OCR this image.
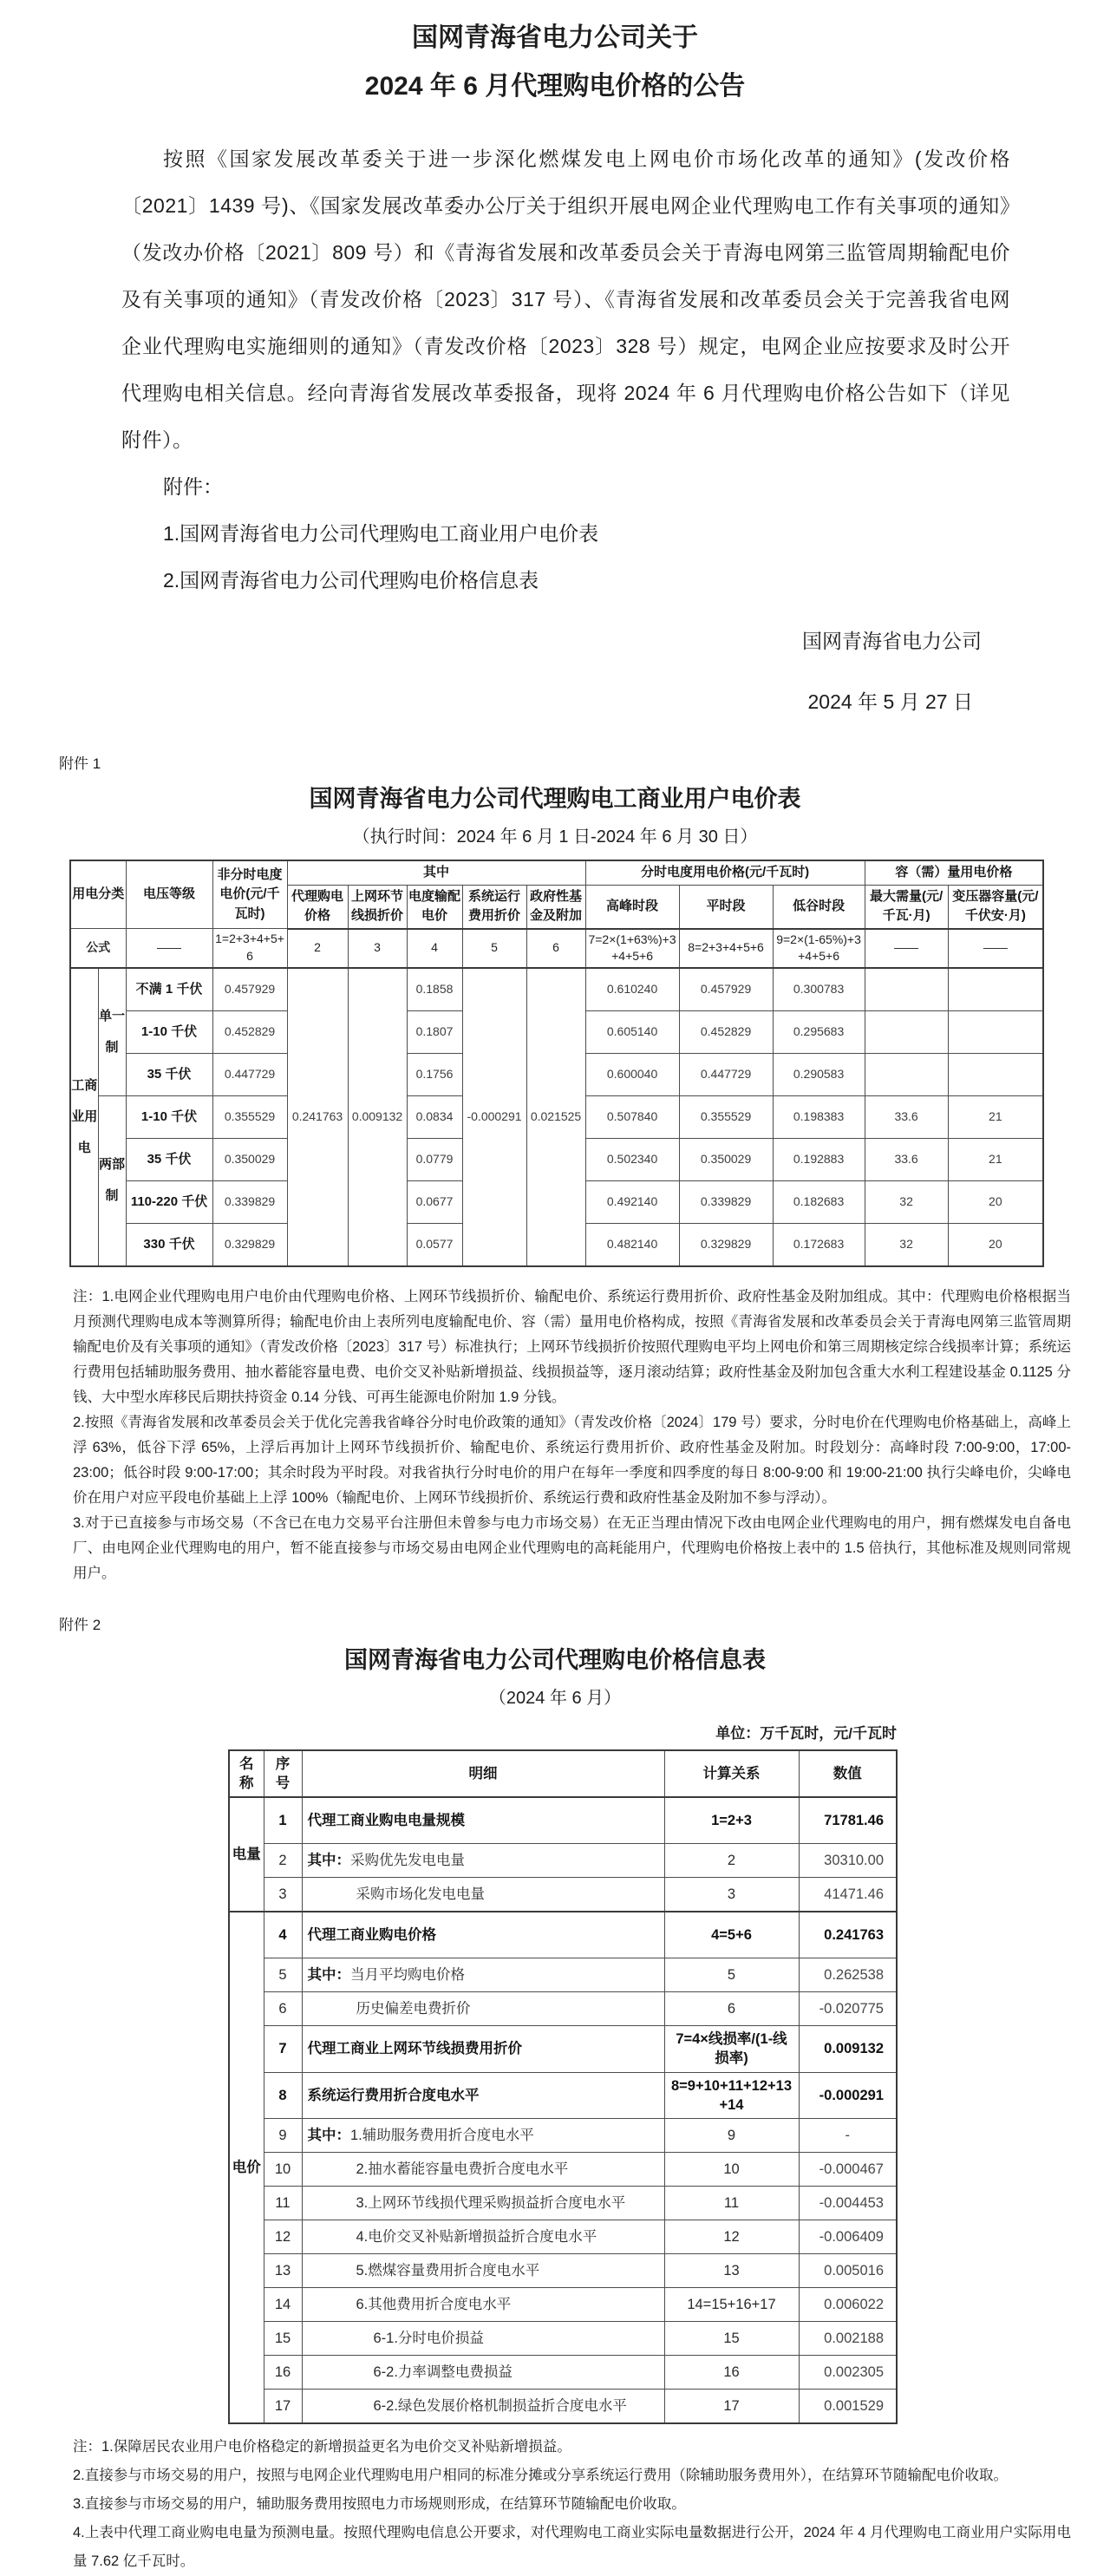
国网青海省电力公司关于
2024 年 6 月代理购电价格的公告
按照《国家发展改革委关于进一步深化燃煤发电上网电价市场化改革的通知》(发改价格〔2021〕1439 号)、《国家发展改革委办公厅关于组织开展电网企业代理购电工作有关事项的通知》（发改办价格〔2021〕809 号）和《青海省发展和改革委员会关于青海电网第三监管周期输配电价及有关事项的通知》（青发改价格〔2023〕317 号）、《青海省发展和改革委员会关于完善我省电网企业代理购电实施细则的通知》（青发改价格〔2023〕328 号）规定，电网企业应按要求及时公开代理购电相关信息。经向青海省发展改革委报备，现将 2024 年 6 月代理购电价格公告如下（详见附件）。
附件：
1.国网青海省电力公司代理购电工商业用户电价表
2.国网青海省电力公司代理购电价格信息表
国网青海省电力公司
2024 年 5 月 27 日
附件 1
国网青海省电力公司代理购电工商业用户电价表
（执行时间：2024 年 6 月 1 日-2024 年 6 月 30 日）
用电分类		电压等级	非分时电度电价(元/千瓦时)	其中					分时电度用电价格(元/千瓦时)			容（需）量用电价格	
				代理购电价格	上网环节线损折价	电度输配电价	系统运行费用折价	政府性基金及附加	高峰时段	平时段	低谷时段	最大需量(元/千瓦·月)	变压器容量(元/千伏安·月)
公式		——	1=2+3+4+5+6	2	3	4	5	6	7=2×(1+63%)+3+4+5+6	8=2+3+4+5+6	9=2×(1-65%)+3+4+5+6	——	——
工商业用电	单一制	不满 1 千伏	0.457929	0.241763	0.009132	0.1858	-0.000291	0.021525	0.610240	0.457929	0.300783		
		1-10 千伏	0.452829			0.1807			0.605140	0.452829	0.295683		
		35 千伏	0.447729			0.1756			0.600040	0.447729	0.290583		
	两部制	1-10 千伏	0.355529			0.0834			0.507840	0.355529	0.198383	33.6	21
		35 千伏	0.350029			0.0779			0.502340	0.350029	0.192883	33.6	21
		110-220 千伏	0.339829			0.0677			0.492140	0.339829	0.182683	32	20
		330 千伏	0.329829			0.0577			0.482140	0.329829	0.172683	32	20
注：1.电网企业代理购电用户电价由代理购电价格、上网环节线损折价、输配电价、系统运行费用折价、政府性基金及附加组成。其中：代理购电价格根据当月预测代理购电成本等测算所得；输配电价由上表所列电度输配电价、容（需）量用电价格构成，按照《青海省发展和改革委员会关于青海电网第三监管周期输配电价及有关事项的通知》（青发改价格〔2023〕317 号）标准执行；上网环节线损折价按照代理购电平均上网电价和第三周期核定综合线损率计算；系统运行费用包括辅助服务费用、抽水蓄能容量电费、电价交叉补贴新增损益、线损损益等，逐月滚动结算；政府性基金及附加包含重大水利工程建设基金 0.1125 分钱、大中型水库移民后期扶持资金 0.14 分钱、可再生能源电价附加 1.9 分钱。
2.按照《青海省发展和改革委员会关于优化完善我省峰谷分时电价政策的通知》（青发改价格〔2024〕179 号）要求，分时电价在代理购电价格基础上，高峰上浮 63%，低谷下浮 65%，上浮后再加计上网环节线损折价、输配电价、系统运行费用折价、政府性基金及附加。时段划分：高峰时段 7:00-9:00，17:00-23:00；低谷时段 9:00-17:00；其余时段为平时段。对我省执行分时电价的用户在每年一季度和四季度的每日 8:00-9:00 和 19:00-21:00 执行尖峰电价，尖峰电价在用户对应平段电价基础上上浮 100%（输配电价、上网环节线损折价、系统运行费和政府性基金及附加不参与浮动）。
3.对于已直接参与市场交易（不含已在电力交易平台注册但未曾参与电力市场交易）在无正当理由情况下改由电网企业代理购电的用户，拥有燃煤发电自备电厂、由电网企业代理购电的用户，暂不能直接参与市场交易由电网企业代理购电的高耗能用户，代理购电价格按上表中的 1.5 倍执行，其他标准及规则同常规用户。
附件 2
国网青海省电力公司代理购电价格信息表
（2024 年 6 月）
单位：万千瓦时，元/千瓦时
名称	序号	明细	计算关系	数值
电量	1	代理工商业购电电量规模	1=2+3	71781.46
	2	其中：采购优先发电电量	2	30310.00
	3	采购市场化发电电量	3	41471.46
电价	4	代理工商业购电价格	4=5+6	0.241763
	5	其中：当月平均购电价格	5	0.262538
	6	历史偏差电费折价	6	-0.020775
	7	代理工商业上网环节线损费用折价	7=4×线损率/(1-线损率)	0.009132
	8	系统运行费用折合度电水平	8=9+10+11+12+13+14	-0.000291
	9	其中：1.辅助服务费用折合度电水平	9	-
	10	2.抽水蓄能容量电费折合度电水平	10	-0.000467
	11	3.上网环节线损代理采购损益折合度电水平	11	-0.004453
	12	4.电价交叉补贴新增损益折合度电水平	12	-0.006409
	13	5.燃煤容量费用折合度电水平	13	0.005016
	14	6.其他费用折合度电水平	14=15+16+17	0.006022
	15	6-1.分时电价损益	15	0.002188
	16	6-2.力率调整电费损益	16	0.002305
	17	6-2.绿色发展价格机制损益折合度电水平	17	0.001529
注：1.保障居民农业用户电价格稳定的新增损益更名为电价交叉补贴新增损益。
2.直接参与市场交易的用户，按照与电网企业代理购电用户相同的标准分摊或分享系统运行费用（除辅助服务费用外），在结算环节随输配电价收取。
3.直接参与市场交易的用户，辅助服务费用按照电力市场规则形成，在结算环节随输配电价收取。
4.上表中代理工商业购电电量为预测电量。按照代理购电信息公开要求，对代理购电工商业实际电量数据进行公开，2024 年 4 月代理购电工商业用户实际用电量 7.62 亿千瓦时。
